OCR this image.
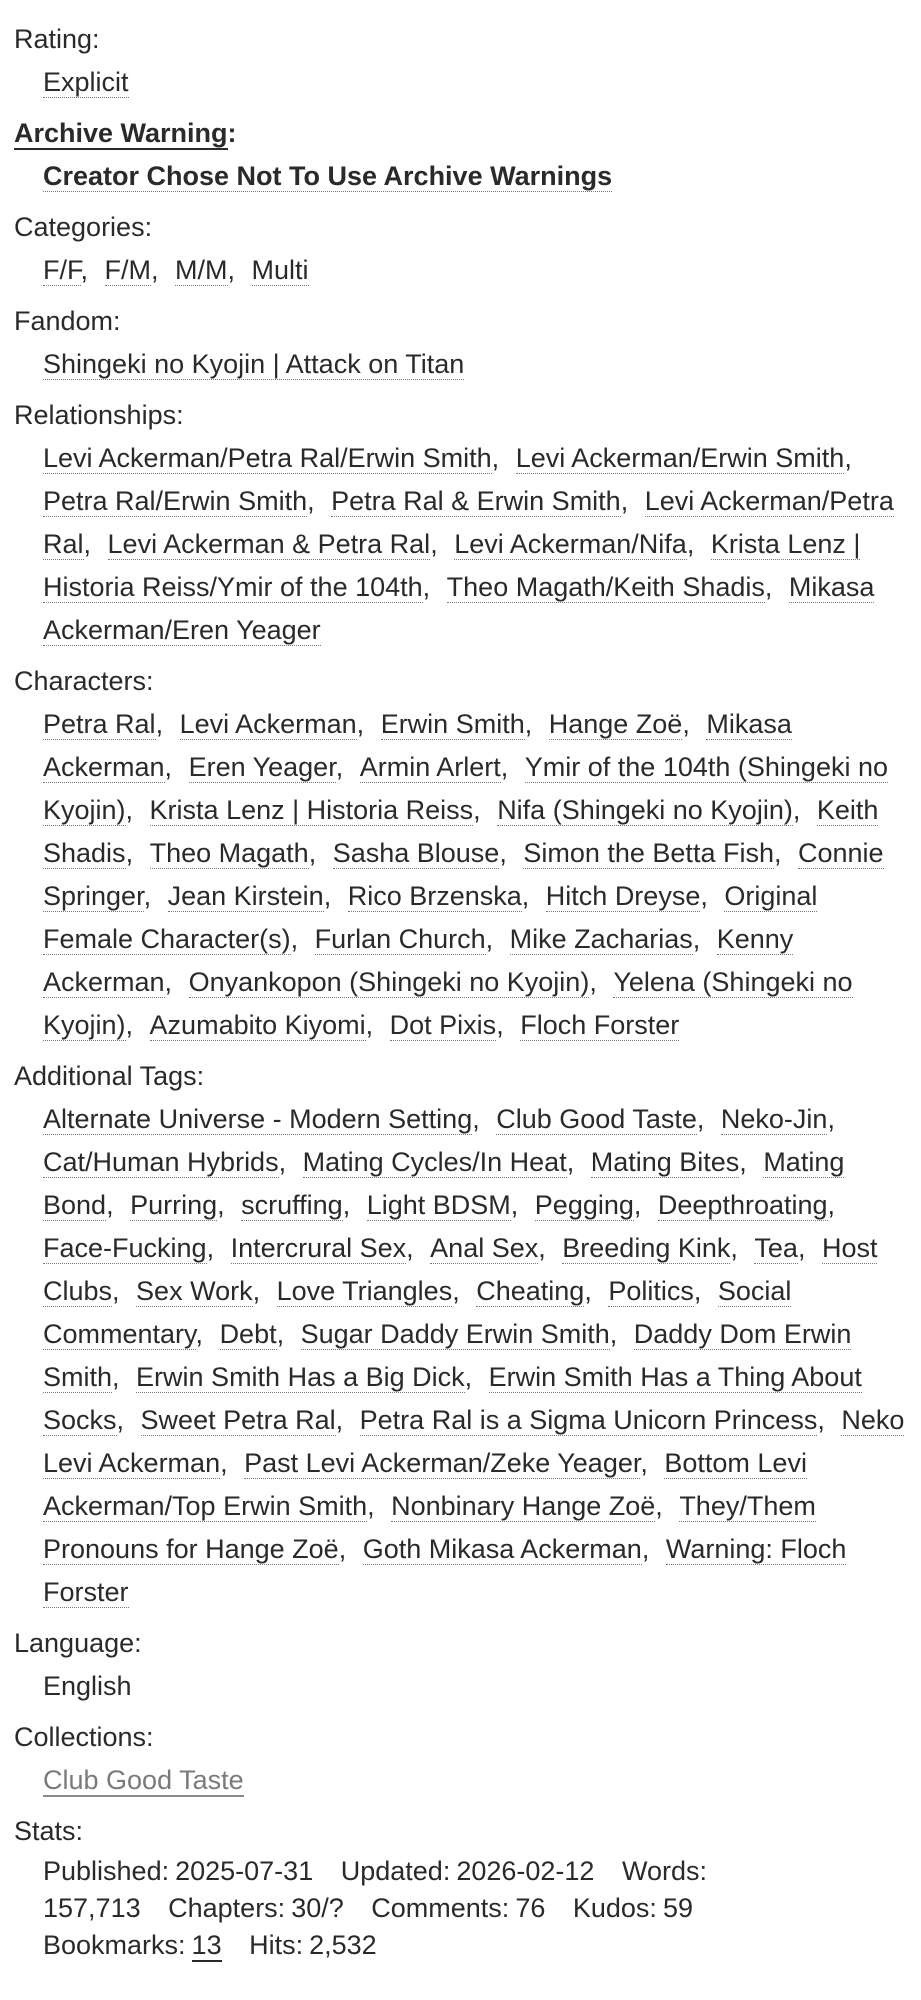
Rating:
Explicit
Archive Warning:
Creator Chose Not To Use Archive Warnings
Categories:
F/F, F/M, M/M, Multi
Fandom:
Shingeki no Kyojin | Attack on Titan
Relationships:
Levi Ackerman/Petra Ral/Erwin Smith, Levi Ackerman/Erwin Smith, Petra Ral/Erwin Smith, Petra Ral & Erwin Smith, Levi Ackerman/Petra Ral, Levi Ackerman & Petra Ral, Levi Ackerman/Nifa, Krista Lenz | Historia Reiss/Ymir of the 104th, Theo Magath/Keith Shadis, Mikasa Ackerman/Eren Yeager
Characters:
Petra Ral, Levi Ackerman, Erwin Smith, Hange Zoë, Mikasa Ackerman, Eren Yeager, Armin Arlert, Ymir of the 104th (Shingeki no Kyojin), Krista Lenz | Historia Reiss, Nifa (Shingeki no Kyojin), Keith Shadis, Theo Magath, Sasha Blouse, Simon the Betta Fish, Connie Springer, Jean Kirstein, Rico Brzenska, Hitch Dreyse, Original Female Character(s), Furlan Church, Mike Zacharias, Kenny Ackerman, Onyankopon (Shingeki no Kyojin), Yelena (Shingeki no Kyojin), Azumabito Kiyomi, Dot Pixis, Floch Forster
Additional Tags:
Alternate Universe - Modern Setting, Club Good Taste, Neko-Jin, Cat/Human Hybrids, Mating Cycles/In Heat, Mating Bites, Mating Bond, Purring, scruffing, Light BDSM, Pegging, Deepthroating, Face-Fucking, Intercrural Sex, Anal Sex, Breeding Kink, Tea, Host Clubs, Sex Work, Love Triangles, Cheating, Politics, Social Commentary, Debt, Sugar Daddy Erwin Smith, Daddy Dom Erwin Smith, Erwin Smith Has a Big Dick, Erwin Smith Has a Thing About Socks, Sweet Petra Ral, Petra Ral is a Sigma Unicorn Princess, Neko Levi Ackerman, Past Levi Ackerman/Zeke Yeager, Bottom Levi Ackerman/Top Erwin Smith, Nonbinary Hange Zoë, They/Them Pronouns for Hange Zoë, Goth Mikasa Ackerman, Warning: Floch Forster
Language:
English
Collections:
Club Good Taste
Stats:
Published: 2025-07-31 Updated: 2026-02-12 Words:
157,713 Chapters: 30/? Comments: 76 Kudos: 59
Bookmarks: 13 Hits: 2,532
